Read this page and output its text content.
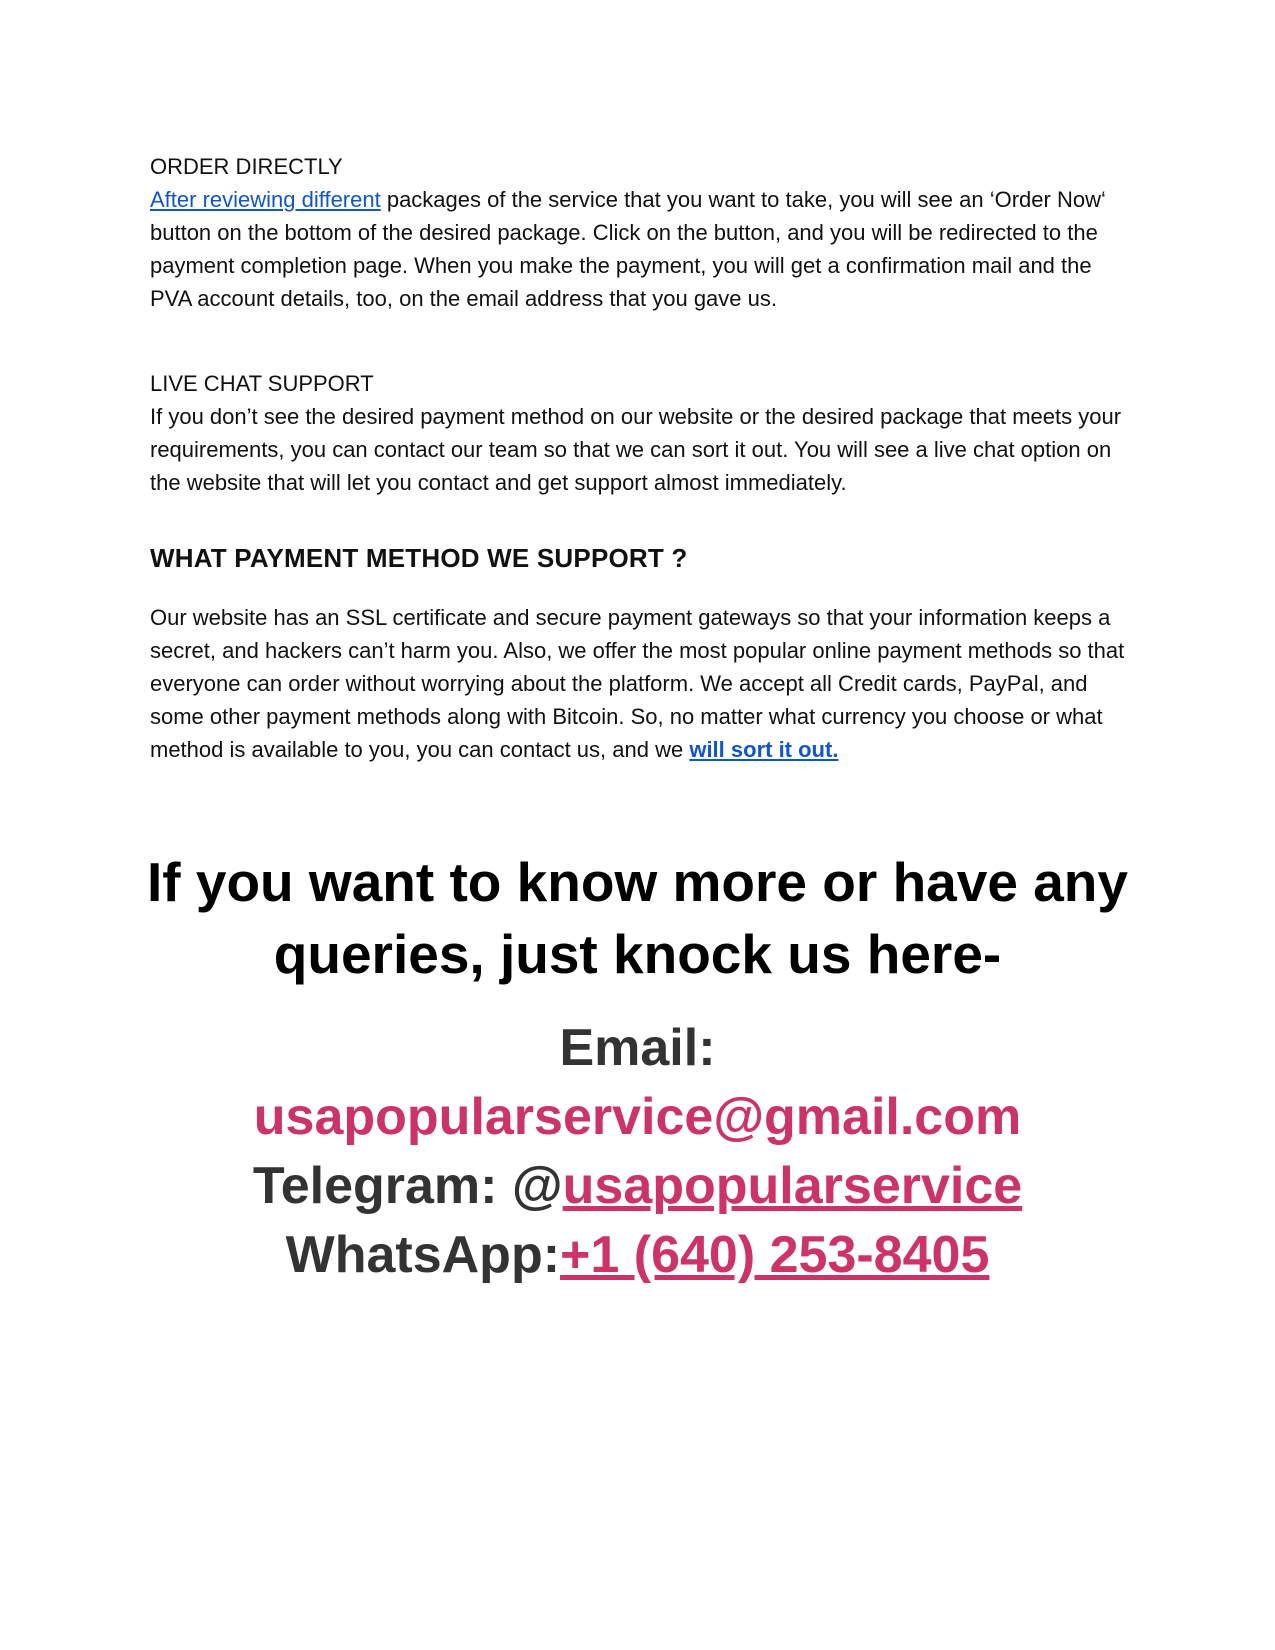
ORDER DIRECTLY

After reviewing different packages of the service that you want to take, you will see an ‘Order Now‘ button on the bottom of the desired package. Click on the button, and you will be redirected to the payment completion page. When you make the payment, you will get a confirmation mail and the PVA account details, too, on the email address that you gave us.

LIVE CHAT SUPPORT

If you don’t see the desired payment method on our website or the desired package that meets your requirements, you can contact our team so that we can sort it out. You will see a live chat option on the website that will let you contact and get support almost immediately.

WHAT PAYMENT METHOD WE SUPPORT ?

Our website has an SSL certificate and secure payment gateways so that your information keeps a secret, and hackers can’t harm you. Also, we offer the most popular online payment methods so that everyone can order without worrying about the platform. We accept all Credit cards, PayPal, and some other payment methods along with Bitcoin. So, no matter what currency you choose or what method is available to you, you can contact us, and we will sort it out.

If you want to know more or have any queries, just knock us here-

Email:

usapopularservice@gmail.com

Telegram: @usapopularservice

WhatsApp:+1 (640) 253-8405
